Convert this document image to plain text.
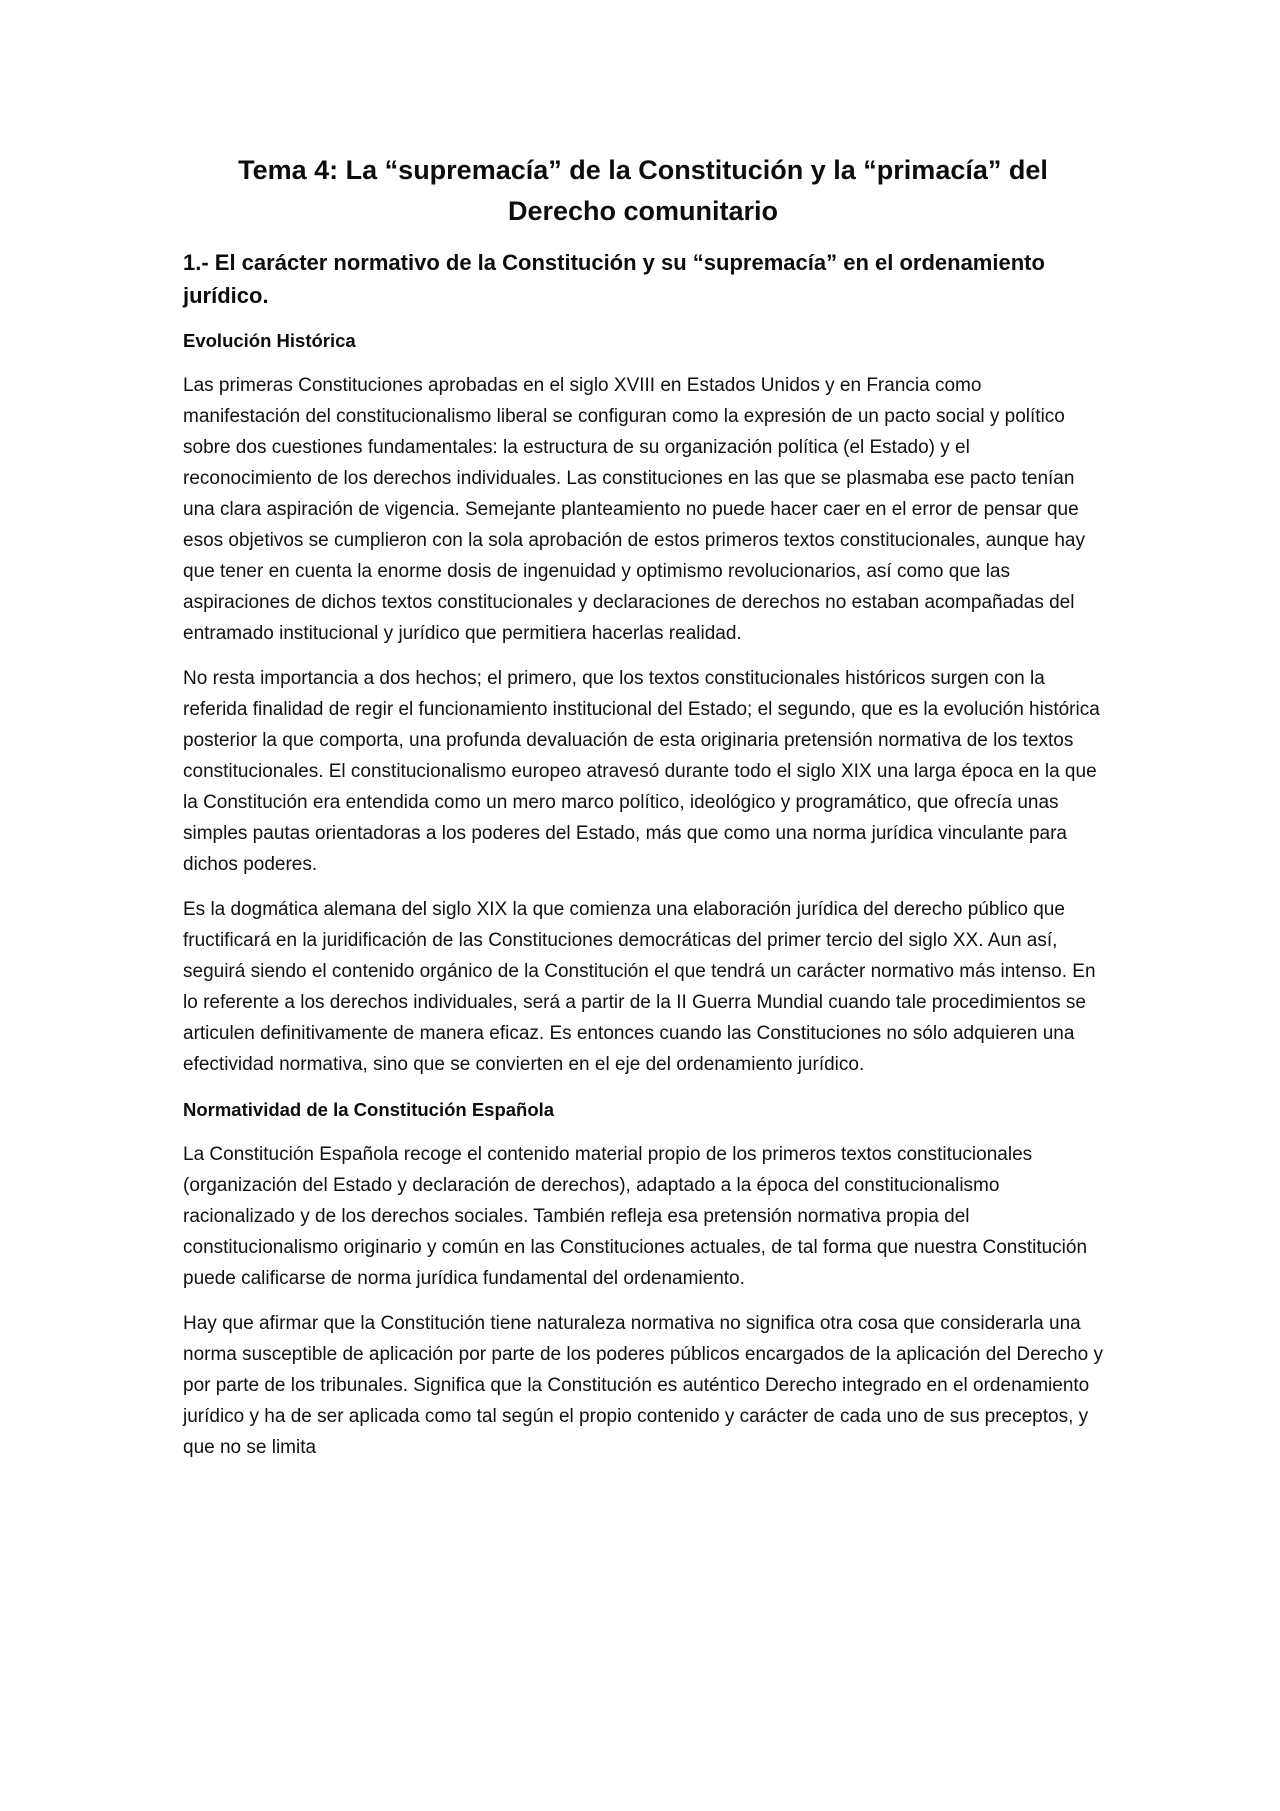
Tema 4: La “supremacía” de la Constitución y la “primacía” del Derecho comunitario
1.- El carácter normativo de la Constitución y su “supremacía” en el ordenamiento jurídico.
Evolución Histórica

Las primeras Constituciones aprobadas en el siglo XVIII en Estados Unidos y en Francia como manifestación del constitucionalismo liberal se configuran como la expresión de un pacto social y político sobre dos cuestiones fundamentales: la estructura de su organización política (el Estado) y el reconocimiento de los derechos individuales. Las constituciones en las que se plasmaba ese pacto tenían una clara aspiración de vigencia. Semejante planteamiento no puede hacer caer en el error de pensar que esos objetivos se cumplieron con la sola aprobación de estos primeros textos constitucionales, aunque hay que tener en cuenta la enorme dosis de ingenuidad y optimismo revolucionarios, así como que las aspiraciones de dichos textos constitucionales y declaraciones de derechos no estaban acompañadas del entramado institucional y jurídico que permitiera hacerlas realidad.

No resta importancia a dos hechos; el primero, que los textos constitucionales históricos surgen con la referida finalidad de regir el funcionamiento institucional del Estado; el segundo, que es la evolución histórica posterior la que comporta, una profunda devaluación de esta originaria pretensión normativa de los textos constitucionales. El constitucionalismo europeo atravesó durante todo el siglo XIX una larga época en la que la Constitución era entendida como un mero marco político, ideológico y programático, que ofrecía unas simples pautas orientadoras a los poderes del Estado, más que como una norma jurídica vinculante para dichos poderes.

Es la dogmática alemana del siglo XIX la que comienza una elaboración jurídica del derecho público que fructificará en la juridificación de las Constituciones democráticas del primer tercio del siglo XX. Aun así, seguirá siendo el contenido orgánico de la Constitución el que tendrá un carácter normativo más intenso. En lo referente a los derechos individuales, será a partir de la II Guerra Mundial cuando tale procedimientos se articulen definitivamente de manera eficaz. Es entonces cuando las Constituciones no sólo adquieren una efectividad normativa, sino que se convierten en el eje del ordenamiento jurídico.

Normatividad de la Constitución Española

La Constitución Española recoge el contenido material propio de los primeros textos constitucionales (organización del Estado y declaración de derechos), adaptado a la época del constitucionalismo racionalizado y de los derechos sociales. También refleja esa pretensión normativa propia del constitucionalismo originario y común en las Constituciones actuales, de tal forma que nuestra Constitución puede calificarse de norma jurídica fundamental del ordenamiento.

Hay que afirmar que la Constitución tiene naturaleza normativa no significa otra cosa que considerarla una norma susceptible de aplicación por parte de los poderes públicos encargados de la aplicación del Derecho y por parte de los tribunales. Significa que la Constitución es auténtico Derecho integrado en el ordenamiento jurídico y ha de ser aplicada como tal según el propio contenido y carácter de cada uno de sus preceptos, y que no se limita
